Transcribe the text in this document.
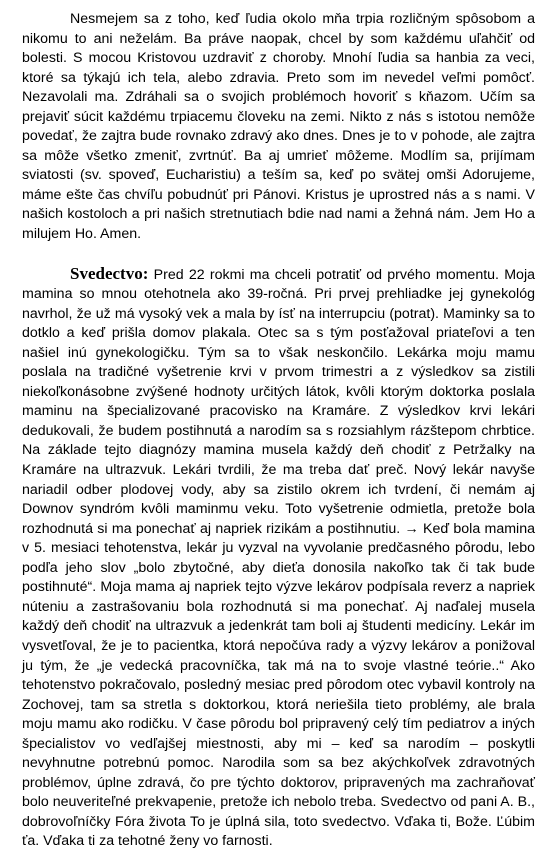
Nesmejem sa z toho, keď ľudia okolo mňa trpia rozličným spôsobom a nikomu to ani neželám. Ba práve naopak, chcel by som každému uľahčiť od bolesti. S mocou Kristovou uzdraviť z choroby. Mnohí ľudia sa hanbia za veci, ktoré sa týkajú ich tela, alebo zdravia. Preto som im nevedel veľmi pomôcť. Nezavolali ma. Zdráhali sa o svojich problémoch hovoriť s kňazom. Učím sa prejaviť súcit každému trpiacemu človeku na zemi. Nikto z nás s istotou nemôže povedať, že zajtra bude rovnako zdravý ako dnes. Dnes je to v pohode, ale zajtra sa môže všetko zmeniť, zvrtnúť. Ba aj umrieť môžeme. Modlím sa, prijímam sviatosti (sv. spoveď, Eucharistiu) a teším sa, keď po svätej omši Adorujeme, máme ešte čas chvíľu pobudnúť pri Pánovi. Kristus je uprostred nás a s nami. V našich kostoloch a pri našich stretnutiach bdie nad nami a žehná nám. Jem Ho a milujem Ho. Amen.

Svedectvo: Pred 22 rokmi ma chceli potratiť od prvého momentu. Moja mamina so mnou otehotnela ako 39-ročná. Pri prvej prehliadke jej gynekológ navrhol, že už má vysoký vek a mala by ísť na interrupciu (potrat). Maminky sa to dotklo a keď prišla domov plakala. Otec sa s tým posťažoval priateľovi a ten našiel inú gynekologičku. Tým sa to však neskončilo. Lekárka moju mamu poslala na tradičné vyšetrenie krvi v prvom trimestri a z výsledkov sa zistili niekoľkonásobne zvýšené hodnoty určitých látok, kvôli ktorým doktorka poslala maminu na špecializované pracovisko na Kramáre. Z výsledkov krvi lekári dedukovali, že budem postihnutá a narodím sa s rozsiahlym rázštepom chrbtice. Na základe tejto diagnózy mamina musela každý deň chodiť z Petržalky na Kramáre na ultrazvuk. Lekári tvrdili, že ma treba dať preč. Nový lekár navyše nariadil odber plodovej vody, aby sa zistilo okrem ich tvrdení, či nemám aj Downov syndróm kvôli maminmu veku. Toto vyšetrenie odmietla, pretože bola rozhodnutá si ma ponechať aj napriek rizikám a postihnutiu. → Keď bola mamina v 5. mesiaci tehotenstva, lekár ju vyzval na vyvolanie predčasného pôrodu, lebo podľa jeho slov „bolo zbytočné, aby dieťa donosila nakoľko tak či tak bude postihnuté“. Moja mama aj napriek tejto výzve lekárov podpísala reverz a napriek núteniu a zastrašovaniu bola rozhodnutá si ma ponechať. Aj naďalej musela každý deň chodiť na ultrazvuk a jedenkrát tam boli aj študenti medicíny. Lekár im vysvetľoval, že je to pacientka, ktorá nepočúva rady a výzvy lekárov a ponižoval ju tým, že „je vedecká pracovníčka, tak má na to svoje vlastné teórie..“ Ako tehotenstvo pokračovalo, posledný mesiac pred pôrodom otec vybavil kontroly na Zochovej, tam sa stretla s doktorkou, ktorá neriešila tieto problémy, ale brala moju mamu ako rodičku. V čase pôrodu bol pripravený celý tím pediatrov a iných špecialistov vo vedľajšej miestnosti, aby mi – keď sa narodím – poskytli nevyhnutne potrebnú pomoc. Narodila som sa bez akýchkoľvek zdravotných problémov, úplne zdravá, čo pre týchto doktorov, pripravených ma zachraňovať bolo neuveriteľné prekvapenie, pretože ich nebolo treba. Svedectvo od pani A. B., dobrovoľníčky Fóra života To je úplná sila, toto svedectvo. Vďaka ti, Bože. Ľúbim ťa. Vďaka ti za tehotné ženy vo farnosti.
